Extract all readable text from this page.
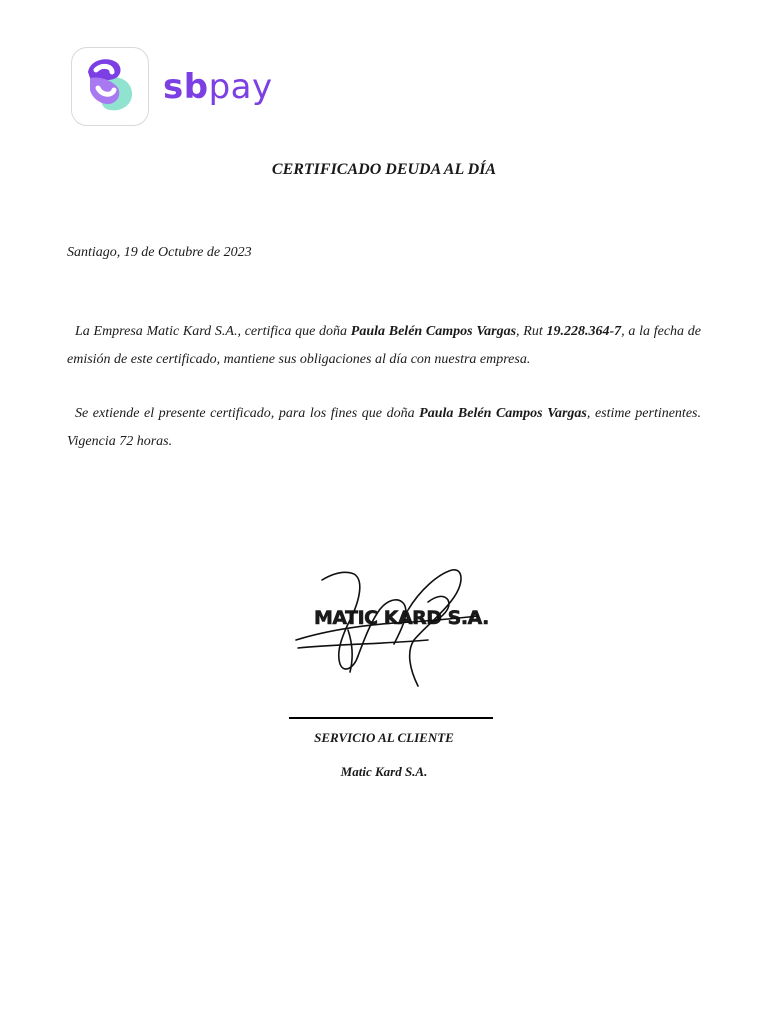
sbpay
CERTIFICADO DEUDA AL DÍA
Santiago, 19 de Octubre de 2023

La Empresa Matic Kard S.A., certifica que doña Paula Belén Campos Vargas, Rut 19.228.364-7, a la fecha de emisión de este certificado, mantiene sus obligaciones al día con nuestra empresa.

Se extiende el presente certificado, para los fines que doña Paula Belén Campos Vargas, estime pertinentes. Vigencia 72 horas.

MATIC KARD S.A.
SERVICIO AL CLIENTE
Matic Kard S.A.
